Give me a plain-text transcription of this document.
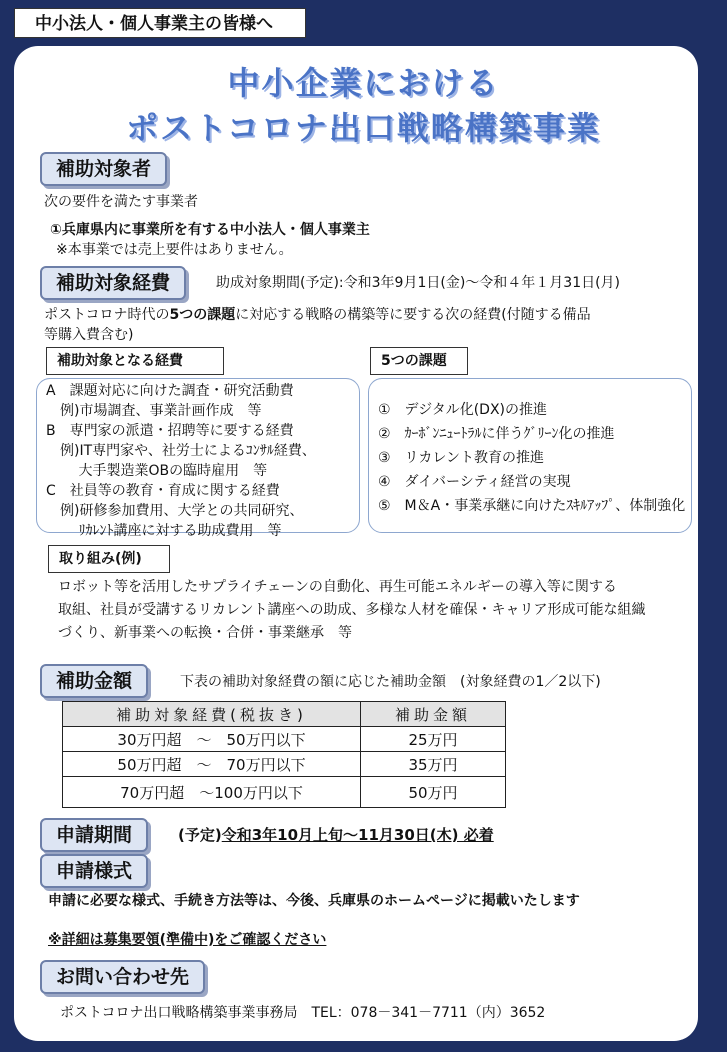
中小法人・個人事業主の皆様へ
中小企業における
ポストコロナ出口戦略構築事業
補助対象者
次の要件を満たす事業者
①兵庫県内に事業所を有する中小法人・個人事業主
※本事業では売上要件はありません。
補助対象経費	助成対象期間(予定):令和3年9月1日(金)～令和４年１月31日(月)
ポストコロナ時代の5つの課題に対応する戦略の構築等に要する次の経費(付随する備品
等購入費含む)
補助対象となる経費	5つの課題
A　課題対応に向けた調査・研究活動費
　例)市場調査、事業計画作成　等
B　専門家の派遣・招聘等に要する経費
　例)IT専門家や、社労士によるｺﾝｻﾙ経費、
　　 大手製造業OBの臨時雇用　等
C　社員等の教育・育成に関する経費
　例)研修参加費用、大学との共同研究、
　　 ﾘｶﾚﾝﾄ講座に対する助成費用　等
①　デジタル化(DX)の推進
②　ｶｰﾎﾞﾝﾆｭｰﾄﾗﾙに伴うｸﾞﾘｰﾝ化の推進
③　リカレント教育の推進
④　ダイバーシティ経営の実現
⑤　M＆A・事業承継に向けたｽｷﾙｱｯﾌﾟ、体制強化
取り組み(例)
ロボット等を活用したサプライチェーンの自動化、再生可能エネルギーの導入等に関する
取組、社員が受講するリカレント講座への助成、多様な人材を確保・キャリア形成可能な組織
づくり、新事業への転換・合併・事業継承　等
補助金額	下表の補助対象経費の額に応じた補助金額　(対象経費の1／2以下)
補助対象経費(税抜き)	補助金額
30万円超　～　50万円以下	25万円
50万円超　～　70万円以下	35万円
70万円超　～100万円以下	50万円
申請期間	(予定)令和3年10月上旬～11月30日(木) 必着
申請様式
申請に必要な様式、手続き方法等は、今後、兵庫県のホームページに掲載いたします
※詳細は募集要領(準備中)をご確認ください
お問い合わせ先
ポストコロナ出口戦略構築事業事務局　TEL：078－341－7711（内）3652
